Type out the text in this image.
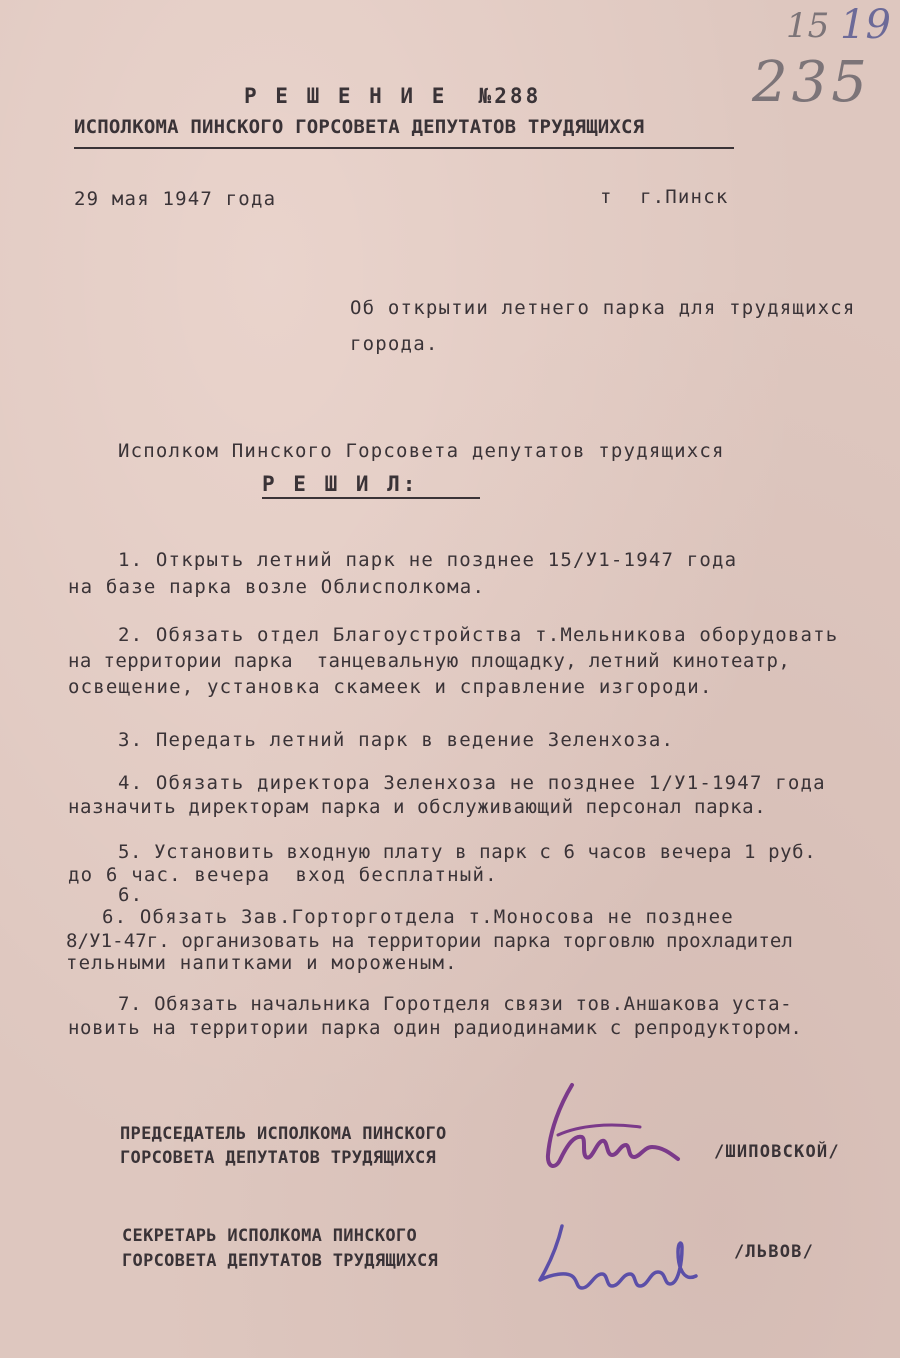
15 19
235
Р Е Ш Е Н И Е  №288
ИСПОЛКОМА ПИНСКОГО ГОРСОВЕТА ДЕПУТАТОВ ТРУДЯЩИХСЯ
29 мая 1947 года	т г.Пинск
Об открытии летнего парка для трудящихся
города.
Исполком Пинского Горсовета депутатов трудящихся
Р Е Ш И Л:
1. Открыть летний парк не позднее 15/У1-1947 года
на базе парка возле Облисполкома.
2. Обязать отдел Благоустройства т.Мельникова оборудовать
на территории парка  танцевальную площадку, летний кинотеатр,
освещение, установка скамеек и справление изгороди.
3. Передать летний парк в ведение Зеленхоза.
4. Обязать директора Зеленхоза не позднее 1/У1-1947 года
назначить директорам парка и обслуживающий персонал парка.
5. Установить входную плату в парк с 6 часов вечера 1 руб.
до 6 час. вечера  вход бесплатный.
6.
6. Обязать Зав.Горторготдела т.Моносова не позднее
8/У1-47г. организовать на территории парка торговлю прохладител
тельными напитками и мороженым.
7. Обязать начальника Горотделя связи тов.Аншакова уста-
новить на территории парка один радиодинамик с репродуктором.
ПРЕДСЕДАТЕЛЬ ИСПОЛКОМА ПИНСКОГО
ГОРСОВЕТА ДЕПУТАТОВ ТРУДЯЩИХСЯ	/ШИПОВСКОЙ/
СЕКРЕТАРЬ ИСПОЛКОМА ПИНСКОГО
ГОРСОВЕТА ДЕПУТАТОВ ТРУДЯЩИХСЯ	/ЛЬВОВ/
